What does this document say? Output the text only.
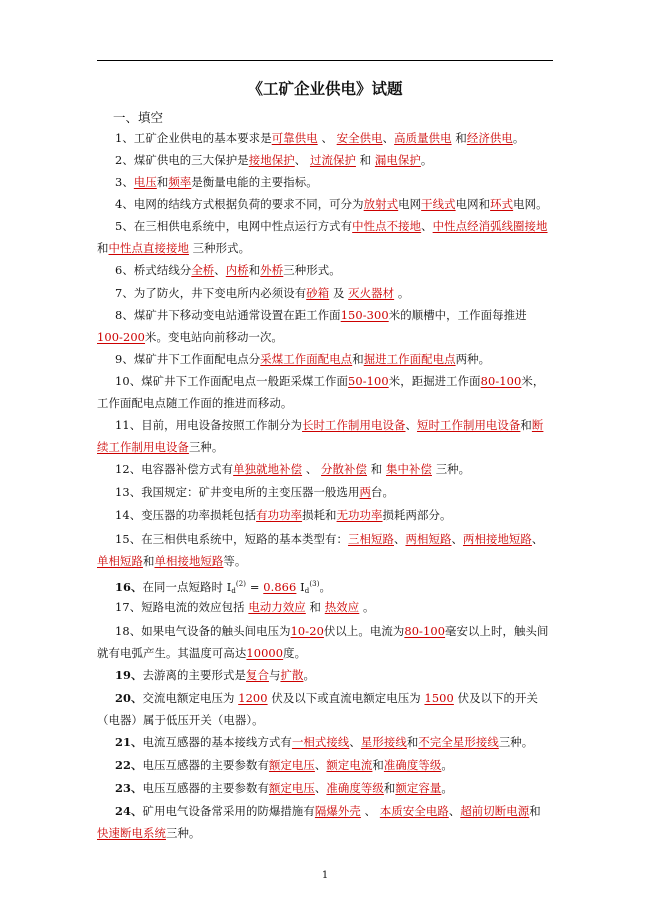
《工矿企业供电》试题
一、填空
1、工矿企业供电的基本要求是可靠供电 、 安全供电、高质量供电 和经济供电。
2、煤矿供电的三大保护是接地保护、 过流保护 和 漏电保护。
3、电压和频率是衡量电能的主要指标。
4、电网的结线方式根据负荷的要求不同，可分为放射式电网干线式电网和环式电网。
5、在三相供电系统中，电网中性点运行方式有中性点不接地、中性点经消弧线圈接地
和中性点直接接地 三种形式。
6、桥式结线分全桥、内桥和外桥三种形式。
7、为了防火，井下变电所内必须设有砂箱 及 灭火器材 。
8、煤矿井下移动变电站通常设置在距工作面150-300米的顺槽中，工作面每推进
100-200米。变电站向前移动一次。
9、煤矿井下工作面配电点分采煤工作面配电点和掘进工作面配电点两种。
10、煤矿井下工作面配电点一般距采煤工作面50-100米，距掘进工作面80-100米，
工作面配电点随工作面的推进而移动。
11、目前，用电设备按照工作制分为长时工作制用电设备、短时工作制用电设备和断
续工作制用电设备三种。
12、电容器补偿方式有单独就地补偿 、 分散补偿 和 集中补偿 三种。
13、我国规定：矿井变电所的主变压器一般选用两台。
14、变压器的功率损耗包括有功功率损耗和无功功率损耗两部分。
15、在三相供电系统中，短路的基本类型有：三相短路、两相短路、两相接地短路、
单相短路和单相接地短路等。
16、在同一点短路时 $I_d^{(2)} = 0.866$ $I_d^{(3)}$。
17、短路电流的效应包括 电动力效应 和 热效应 。
18、如果电气设备的触头间电压为10-20伏以上。电流为80-100毫安以上时，触头间
就有电弧产生。其温度可高达10000度。
19、去游离的主要形式是复合与扩散。
20、交流电额定电压为 1200 伏及以下或直流电额定电压为 1500 伏及以下的开关
（电器）属于低压开关（电器）。
21、电流互感器的基本接线方式有一相式接线、星形接线和不完全星形接线三种。
22、电压互感器的主要参数有额定电压、额定电流和准确度等级。
23、电压互感器的主要参数有额定电压、准确度等级和额定容量。
24、矿用电气设备常采用的防爆措施有隔爆外壳 、 本质安全电路、超前切断电源和
快速断电系统三种。
1
